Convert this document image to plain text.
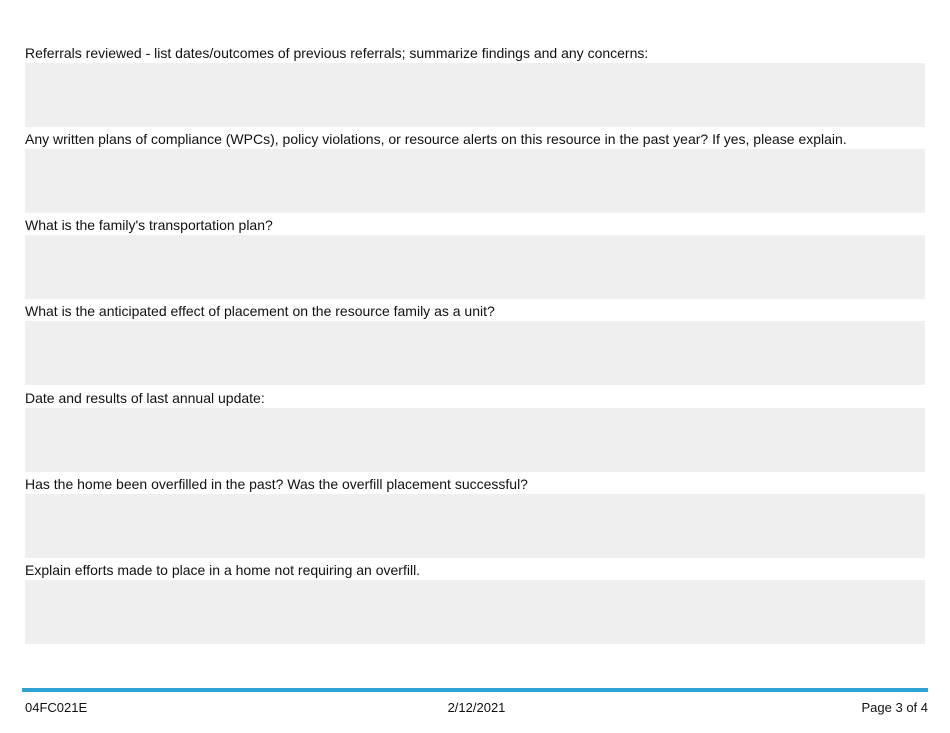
Referrals reviewed - list dates/outcomes of previous referrals; summarize findings and any concerns:
Any written plans of compliance (WPCs), policy violations, or resource alerts on this resource in the past year? If yes, please explain.
What is the family's transportation plan?
What is the anticipated effect of placement on the resource family as a unit?
Date and results of last annual update:
Has the home been overfilled in the past? Was the overfill placement successful?
Explain efforts made to place in a home not requiring an overfill.
04FC021E	2/12/2021	Page 3 of 4
